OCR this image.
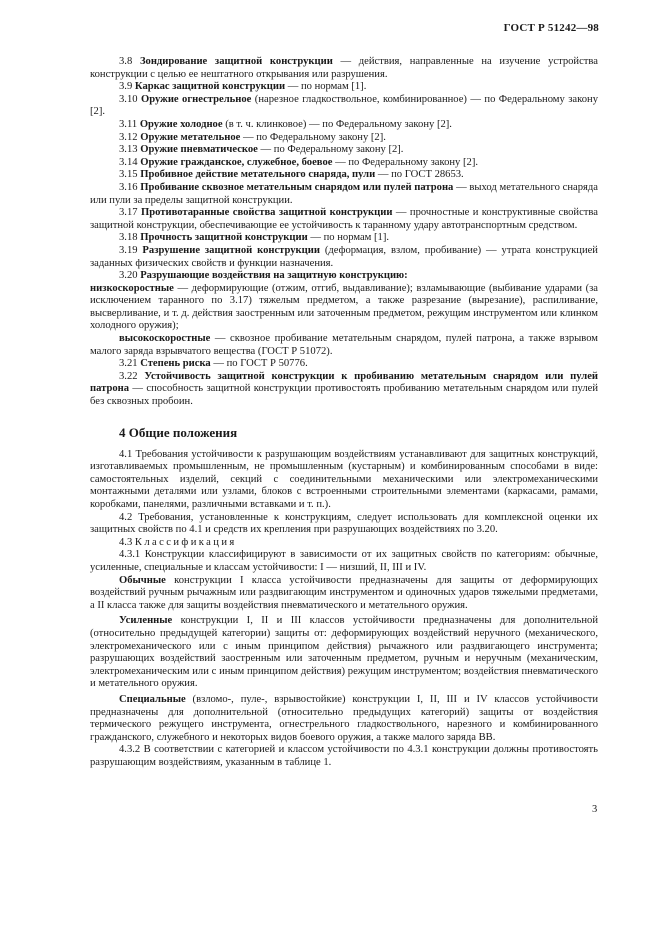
ГОСТ Р 51242—98

3.8 Зондирование защитной конструкции — действия, направленные на изучение устройства конструкции с целью ее нештатного открывания или разрушения.

3.9 Каркас защитной конструкции — по нормам [1].

3.10 Оружие огнестрельное (нарезное гладкоствольное, комбинированное) — по Федеральному закону [2].

3.11 Оружие холодное (в т. ч. клинковое) — по Федеральному закону [2].

3.12 Оружие метательное — по Федеральному закону [2].

3.13 Оружие пневматическое — по Федеральному закону [2].

3.14 Оружие гражданское, служебное, боевое — по Федеральному закону [2].

3.15 Пробивное действие метательного снаряда, пули — по ГОСТ 28653.

3.16 Пробивание сквозное метательным снарядом или пулей патрона — выход метательного снаряда или пули за пределы защитной конструкции.

3.17 Противотаранные свойства защитной конструкции — прочностные и конструктивные свойства защитной конструкции, обеспечивающие ее устойчивость к таранному удару автотранспортным средством.

3.18 Прочность защитной конструкции — по нормам [1].

3.19 Разрушение защитной конструкции (деформация, взлом, пробивание) — утрата конструкцией заданных физических свойств и функции назначения.

3.20 Разрушающие воздействия на защитную конструкцию:

низкоскоростные — деформирующие (отжим, отгиб, выдавливание); взламывающие (выбивание ударами (за исключением таранного по 3.17) тяжелым предметом, а также разрезание (вырезание), распиливание, высверливание, и т. д. действия заостренным или заточенным предметом, режущим инструментом или клинком холодного оружия);

высокоскоростные — сквозное пробивание метательным снарядом, пулей патрона, а также взрывом малого заряда взрывчатого вещества (ГОСТ Р 51072).

3.21 Степень риска — по ГОСТ Р 50776.

3.22 Устойчивость защитной конструкции к пробиванию метательным снарядом или пулей патрона — способность защитной конструкции противостоять пробиванию метательным снарядом или пулей без сквозных пробоин.

4 Общие положения

4.1 Требования устойчивости к разрушающим воздействиям устанавливают для защитных конструкций, изготавливаемых промышленным, не промышленным (кустарным) и комбинированным способами в виде: самостоятельных изделий, секций с соединительными механическими или электромеханическими монтажными деталями или узлами, блоков с встроенными строительными элементами (каркасами, рамами, коробками, панелями, различными вставками и т. п.).

4.2 Требования, установленные к конструкциям, следует использовать для комплексной оценки их защитных свойств по 4.1 и средств их крепления при разрушающих воздействиях по 3.20.

4.3 Классификация

4.3.1 Конструкции классифицируют в зависимости от их защитных свойств по категориям: обычные, усиленные, специальные и классам устойчивости: I — низший, II, III и IV.

Обычные конструкции I класса устойчивости предназначены для защиты от деформирующих воздействий ручным рычажным или раздвигающим инструментом и одиночных ударов тяжелыми предметами, а II класса также для защиты воздействия пневматического и метательного оружия.

Усиленные конструкции I, II и III классов устойчивости предназначены для дополнительной (относительно предыдущей категории) защиты от: деформирующих воздействий неручного (механического, электромеханического или с иным принципом действия) рычажного или раздвигающего инструмента; разрушающих воздействий заостренным или заточенным предметом, ручным и неручным (механическим, электромеханическим или с иным принципом действия) режущим инструментом; воздействия пневматического и метательного оружия.

Специальные (взломо-, пуле-, взрывостойкие) конструкции I, II, III и IV классов устойчивости предназначены для дополнительной (относительно предыдущих категорий) защиты от воздействия термического режущего инструмента, огнестрельного гладкоствольного, нарезного и комбинированного гражданского, служебного и некоторых видов боевого оружия, а также малого заряда ВВ.

4.3.2 В соответствии с категорией и классом устойчивости по 4.3.1 конструкции должны противостоять разрушающим воздействиям, указанным в таблице 1.

3
